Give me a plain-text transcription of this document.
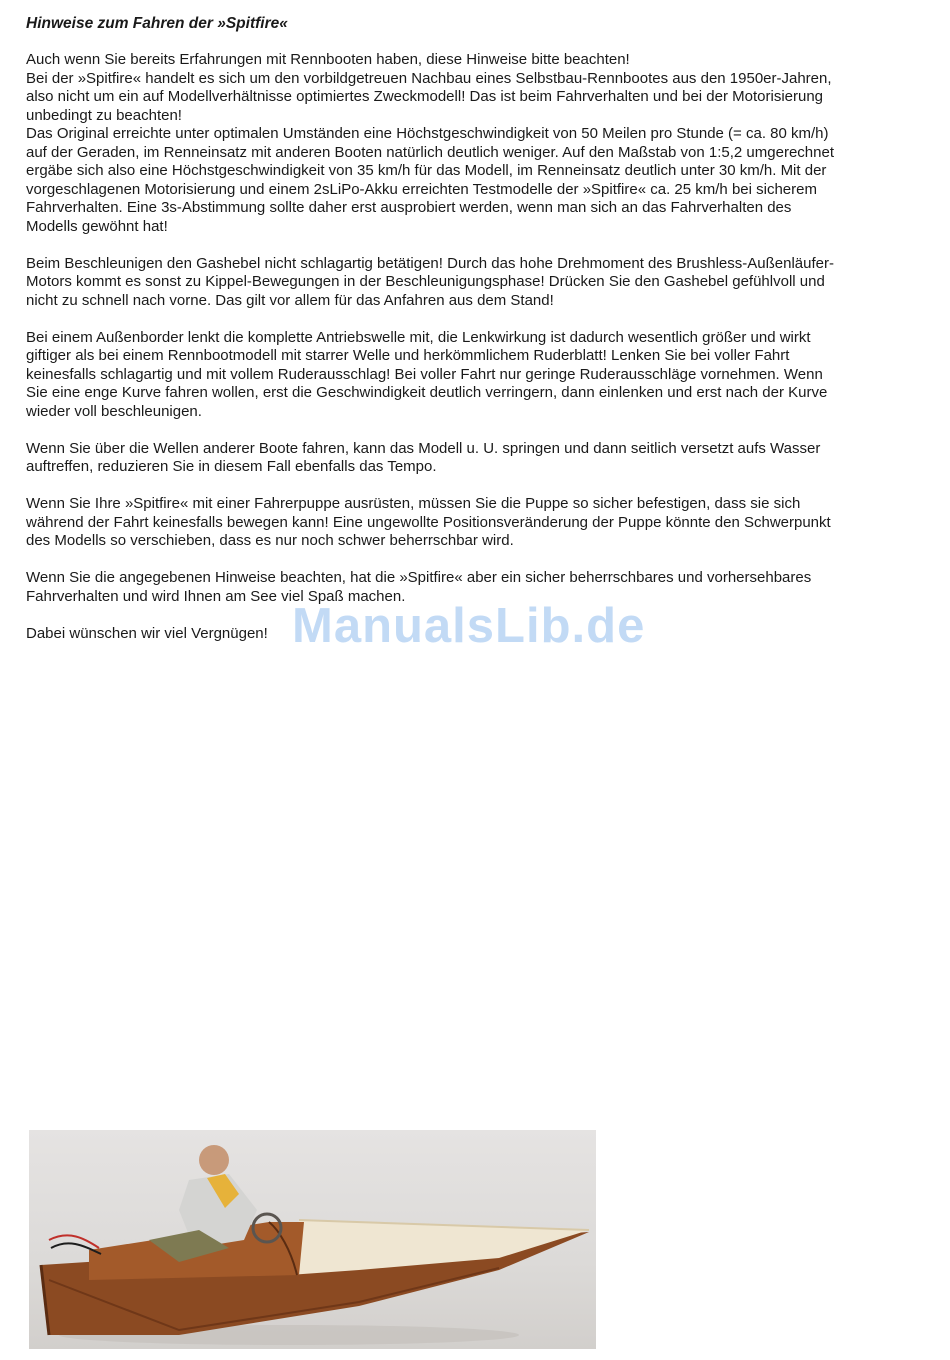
Hinweise zum Fahren der »Spitfire«
Auch wenn Sie bereits Erfahrungen mit Rennbooten haben, diese Hinweise bitte beachten!
Bei der »Spitfire« handelt es sich um den vorbildgetreuen Nachbau eines Selbstbau-Rennbootes aus den 1950er-Jahren,
also nicht um ein auf Modellverhältnisse optimiertes Zweckmodell! Das ist beim Fahrverhalten und bei der Motorisierung
unbedingt zu beachten!
Das Original erreichte unter optimalen Umständen eine Höchstgeschwindigkeit von 50 Meilen pro Stunde (= ca. 80 km/h)
auf der Geraden, im Renneinsatz mit anderen Booten natürlich deutlich weniger. Auf den Maßstab von 1:5,2 umgerechnet
ergäbe sich also eine Höchstgeschwindigkeit von 35 km/h für das Modell, im Renneinsatz deutlich unter 30 km/h. Mit der
vorgeschlagenen Motorisierung und einem 2sLiPo-Akku erreichten Testmodelle der »Spitfire« ca. 25 km/h bei sicherem
Fahrverhalten. Eine 3s-Abstimmung sollte daher erst ausprobiert werden, wenn man sich an das Fahrverhalten des
Modells gewöhnt hat!
Beim Beschleunigen den Gashebel nicht schlagartig betätigen! Durch das hohe Drehmoment des Brushless-Außenläufer-
Motors kommt es sonst zu Kippel-Bewegungen in der Beschleunigungsphase! Drücken Sie den Gashebel gefühlvoll und
nicht zu schnell nach vorne. Das gilt vor allem für das Anfahren aus dem Stand!
Bei einem Außenborder lenkt die komplette Antriebswelle mit, die Lenkwirkung ist dadurch wesentlich größer und wirkt
giftiger als bei einem Rennbootmodell mit starrer Welle und herkömmlichem Ruderblatt! Lenken Sie bei voller Fahrt
keinesfalls schlagartig und mit vollem Ruderausschlag! Bei voller Fahrt nur geringe Ruderausschläge vornehmen. Wenn
Sie eine enge Kurve fahren wollen, erst die Geschwindigkeit deutlich verringern, dann einlenken und erst nach der Kurve
wieder voll beschleunigen.
Wenn Sie über die Wellen anderer Boote fahren, kann das Modell u. U. springen und dann seitlich versetzt aufs Wasser
auftreffen, reduzieren Sie in diesem Fall ebenfalls das Tempo.
Wenn Sie Ihre »Spitfire« mit einer Fahrerpuppe ausrüsten, müssen Sie die Puppe so sicher befestigen, dass sie sich
während der Fahrt keinesfalls bewegen kann! Eine ungewollte Positionsveränderung der Puppe könnte den Schwerpunkt
des Modells so verschieben, dass es nur noch schwer beherrschbar wird.
Wenn Sie die angegebenen Hinweise beachten, hat die »Spitfire« aber ein sicher beherrschbares und vorhersehbares
Fahrverhalten und wird Ihnen am See viel Spaß machen.
Dabei wünschen wir viel Vergnügen! ManualsLib.de
